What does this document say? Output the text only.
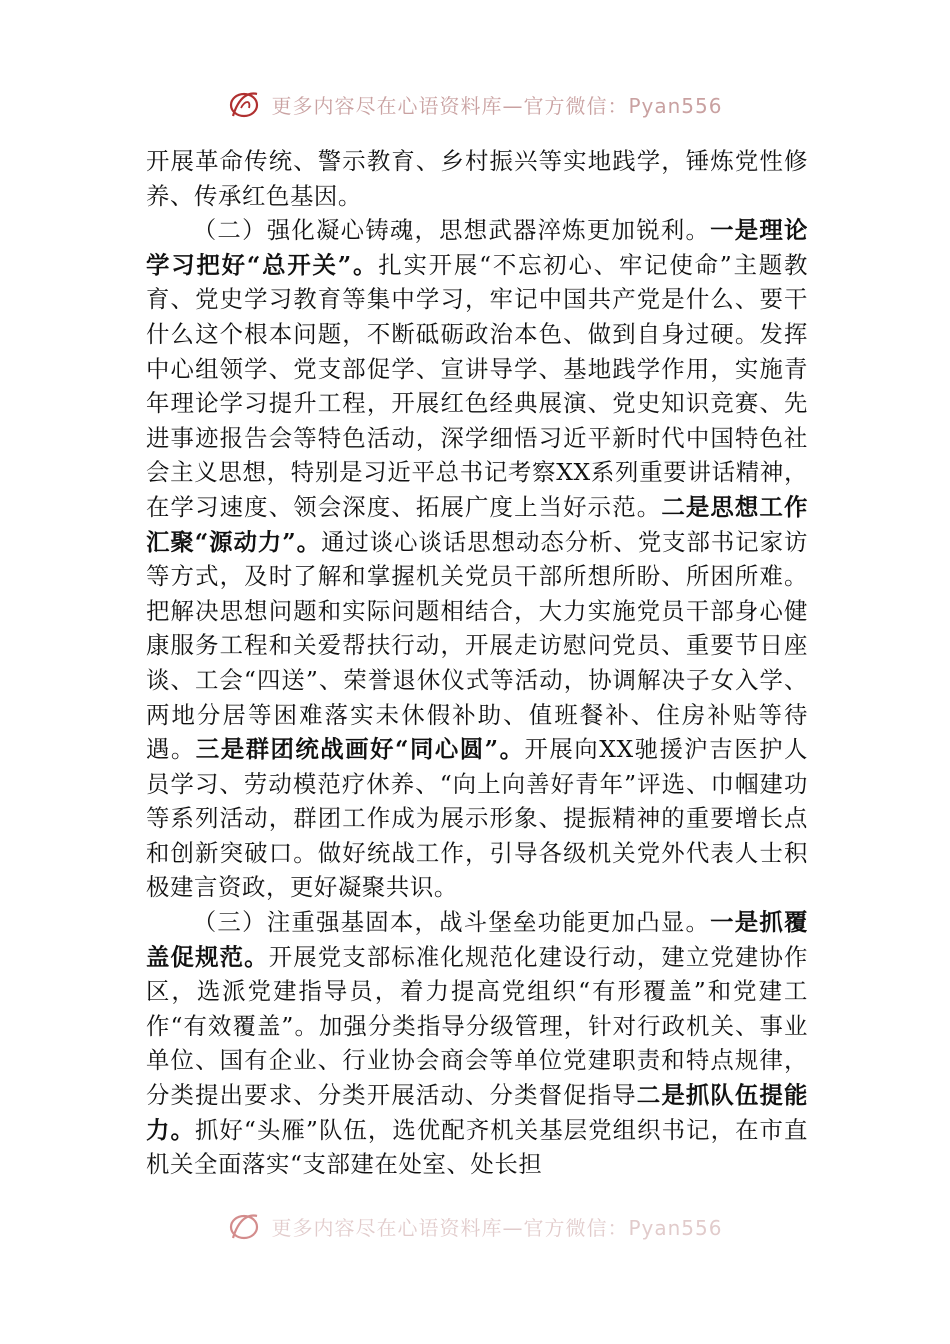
更多内容尽在心语资料库—官方微信：Pyan556

开展革命传统、警示教育、乡村振兴等实地践学，锤炼党性修养、传承红色基因。

（二）强化凝心铸魂，思想武器淬炼更加锐利。一是理论学习把好“总开关”。扎实开展“不忘初心、牢记使命”主题教育、党史学习教育等集中学习，牢记中国共产党是什么、要干什么这个根本问题，不断砥砺政治本色、做到自身过硬。发挥中心组领学、党支部促学、宣讲导学、基地践学作用，实施青年理论学习提升工程，开展红色经典展演、党史知识竞赛、先进事迹报告会等特色活动，深学细悟习近平新时代中国特色社会主义思想，特别是习近平总书记考察XX系列重要讲话精神，在学习速度、领会深度、拓展广度上当好示范。二是思想工作汇聚“源动力”。通过谈心谈话思想动态分析、党支部书记家访等方式，及时了解和掌握机关党员干部所想所盼、所困所难。把解决思想问题和实际问题相结合，大力实施党员干部身心健康服务工程和关爱帮扶行动，开展走访慰问党员、重要节日座谈、工会“四送”、荣誉退休仪式等活动，协调解决子女入学、两地分居等困难落实未休假补助、值班餐补、住房补贴等待遇。三是群团统战画好“同心圆”。开展向XX驰援沪吉医护人员学习、劳动模范疗休养、“向上向善好青年”评选、巾帼建功等系列活动，群团工作成为展示形象、提振精神的重要增长点和创新突破口。做好统战工作，引导各级机关党外代表人士积极建言资政，更好凝聚共识。

（三）注重强基固本，战斗堡垒功能更加凸显。一是抓覆盖促规范。开展党支部标准化规范化建设行动，建立党建协作区，选派党建指导员，着力提高党组织“有形覆盖”和党建工作“有效覆盖”。加强分类指导分级管理，针对行政机关、事业单位、国有企业、行业协会商会等单位党建职责和特点规律，分类提出要求、分类开展活动、分类督促指导二是抓队伍提能力。抓好“头雁”队伍，选优配齐机关基层党组织书记，在市直机关全面落实“支部建在处室、处长担

更多内容尽在心语资料库—官方微信：Pyan556
